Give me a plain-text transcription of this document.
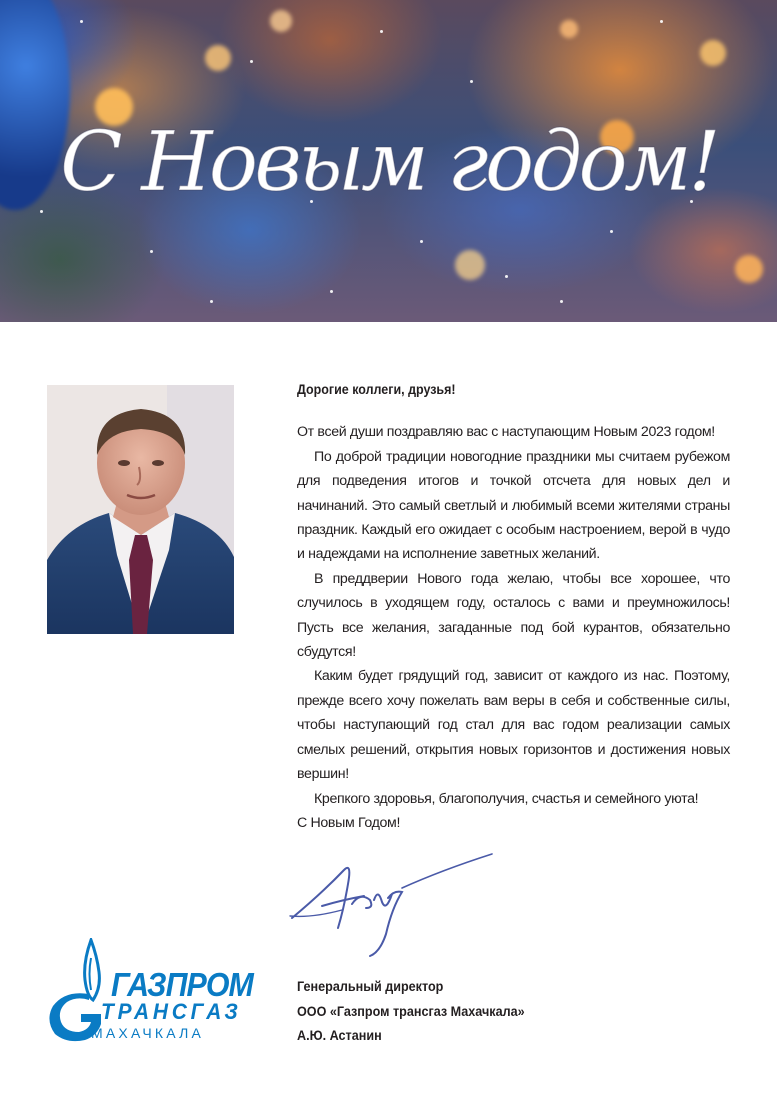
С Новым годом!
Дорогие коллеги, друзья!

От всей души поздравляю вас с наступающим Новым 2023 годом!

По доброй традиции новогодние праздники мы считаем рубежом для подведения итогов и точкой отсчета для новых дел и начинаний. Это самый светлый и любимый всеми жителями страны праздник. Каждый его ожидает с особым настроением, верой в чудо и надеждами на исполнение заветных желаний.

В преддверии Нового года желаю, чтобы все хорошее, что случилось в уходящем году, осталось с вами и преумножилось! Пусть все желания, загаданные под бой курантов, обязательно сбудутся!

Каким будет грядущий год, зависит от каждого из нас. Поэтому, прежде всего хочу пожелать вам веры в себя и собственные силы, чтобы наступающий год стал для вас годом реализации самых смелых решений, открытия новых горизонтов и достижения новых вершин!

Крепкого здоровья, благополучия, счастья и семейного уюта!

С Новым Годом!

ГАЗПРОМ
ТРАНСГАЗ
МАХАЧКАЛА
Генеральный директор
ООО «Газпром трансгаз Махачкала»
А.Ю. Астанин
